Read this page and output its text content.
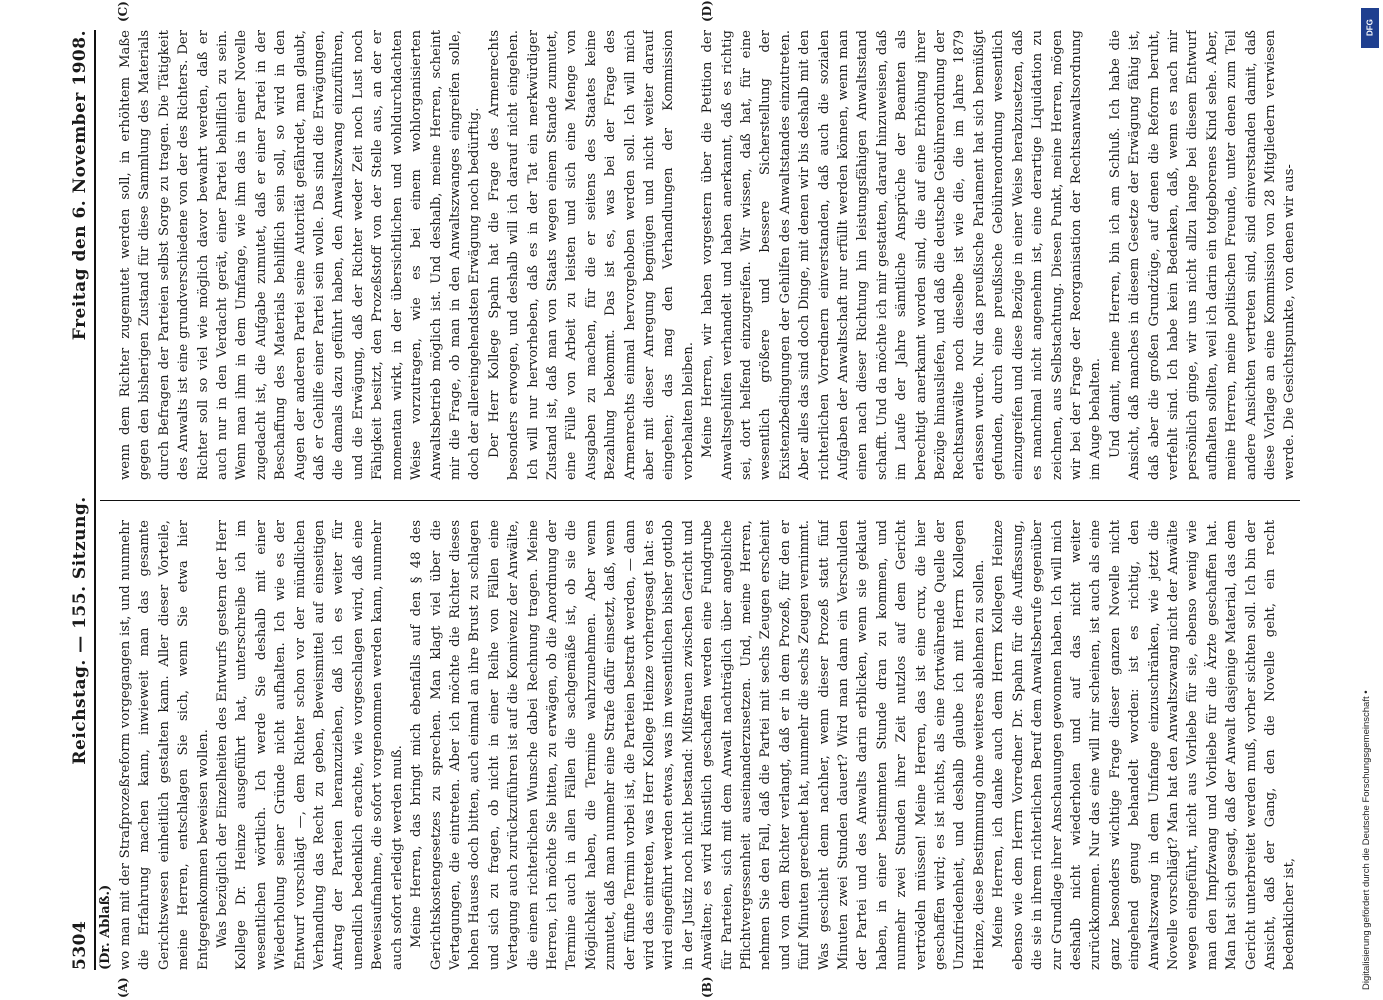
5304
Reichstag. — 155. Sitzung.
Freitag den 6. November 1908.
(Dr. Ablaß.)
(A)	(B)
(C)	(D)

wo man mit der Strafprozeßreform vorgegangen ist, und nunmehr die Erfahrung machen kann, inwieweit man das gesamte Gerichtswesen einheitlich gestalten kann. Aller dieser Vorteile, meine Herren, entschlagen Sie sich, wenn Sie etwa hier Entgegenkommen beweisen wollen. Was bezüglich der Einzelheiten des Entwurfs gestern der Herr Kollege Dr. Heinze ausgeführt hat, unterschreibe ich im wesentlichen wörtlich. Ich werde Sie deshalb mit einer Wiederholung seiner Gründe nicht aufhalten. Ich wie es der Entwurf vorschlägt —, dem Richter schon vor der mündlichen Verhandlung das Recht zu geben, Beweismittel auf einseitigen Antrag der Parteien heranzuziehen, daß ich es weiter für unendlich bedenklich erachte, wie vorgeschlagen wird, daß eine Beweisaufnahme, die sofort vorgenommen werden kann, nunmehr auch sofort erledigt werden muß. Meine Herren, das bringt mich ebenfalls auf den § 48 des Gerichtskostengesetzes zu sprechen. Man klagt viel über die Vertagungen, die eintreten. Aber ich möchte die Richter dieses hohen Hauses doch bitten, auch einmal an ihre Brust zu schlagen und sich zu fragen, ob nicht in einer Reihe von Fällen eine Vertagung auch zurückzuführen ist auf die Konnivenz der Anwälte, die einem richterlichen Wunsche dabei Rechnung tragen. Meine Herren, ich möchte Sie bitten, zu erwägen, ob die Anordnung der Termine auch in allen Fällen die sachgemäße ist, ob sie die Möglichkeit haben, die Termine wahrzunehmen. Aber wenn zumutet, daß man nunmehr eine Strafe dafür einsetzt, daß, wenn der fünfte Termin vorbei ist, die Parteien bestraft werden, — dann wird das eintreten, was Herr Kollege Heinze vorhergesagt hat: es wird eingeführt werden etwas, was im wesentlichen bisher gottlob in der Justiz noch nicht bestand: Mißtrauen zwischen Gericht und Anwälten; es wird künstlich geschaffen werden eine Fundgrube für Parteien, sich mit dem Anwalt nachträglich über angebliche Pflichtvergessenheit auseinanderzusetzen. Und, meine Herren, nehmen Sie den Fall, daß die Partei mit sechs Zeugen erscheint und von dem Richter verlangt, daß er in dem Prozeß, für den er fünf Minuten gerechnet hat, nunmehr die sechs Zeugen vernimmt. Was geschieht denn nachher, wenn dieser Prozeß statt fünf Minuten zwei Stunden dauert? Wird man dann ein Verschulden der Partei und des Anwalts darin erblicken, wenn sie geklaut haben, in einer bestimmten Stunde dran zu kommen, und nunmehr zwei Stunden ihrer Zeit nutzlos auf dem Gericht vertrödeln müssen! Meine Herren, das ist eine crux, die hier geschaffen wird; es ist nichts, als eine fortwährende Quelle der Unzufriedenheit, und deshalb glaube ich mit Herrn Kollegen Heinze, diese Bestimmung ohne weiteres ablehnen zu sollen. Meine Herren, ich danke auch dem Herrn Kollegen Heinze ebenso wie dem Herrn Vorredner Dr. Spahn für die Auffassung, die sie in ihrem richterlichen Beruf dem Anwaltsberufe gegenüber zur Grundlage ihrer Anschauungen gewonnen haben. Ich will mich deshalb nicht wiederholen und auf das nicht weiter zurückkommen. Nur das eine will mir scheinen, ist auch als eine ganz besonders wichtige Frage dieser ganzen Novelle nicht eingehend genug behandelt worden: ist es richtig, den Anwaltszwang in dem Umfange einzuschränken, wie jetzt die Novelle vorschlägt? Man hat den Anwaltszwang nicht der Anwälte wegen eingeführt, nicht aus Vorliebe für sie, ebenso wenig wie man den Impfzwang und Vorliebe für die Ärzte geschaffen hat. Man hat sich gesagt, daß der Anwalt dasjenige Material, das dem Gericht unterbreitet werden muß, vorher sichten soll. Ich bin der Ansicht, daß der Gang, den die Novelle geht, ein recht bedenklicher ist,

wenn dem Richter zugemutet werden soll, in erhöhtem Maße gegen den bisherigen Zustand für diese Sammlung des Materials durch Befragen der Parteien selbst Sorge zu tragen. Die Tätigkeit des Anwalts ist eine grundverschiedene von der des Richters. Der Richter soll so viel wie möglich davor bewahrt werden, daß er auch nur in den Verdacht gerät, einer Partei behilflich zu sein. Wenn man ihm in dem Umfange, wie ihm das in einer Novelle zugedacht ist, die Aufgabe zumutet, daß er einer Partei in der Beschaffung des Materials behilflich sein soll, so wird in den Augen der anderen Partei seine Autorität gefährdet, man glaubt, daß er Gehilfe einer Partei sein wolle. Das sind die Erwägungen, die damals dazu geführt haben, den Anwaltszwang einzuführen, und die Erwägung, daß der Richter weder Zeit noch Lust noch Fähigkeit besitzt, den Prozeßstoff von der Stelle aus, an der er momentan wirkt, in der übersichtlichen und wohldurchdachten Weise vorzutragen, wie es bei einem wohlorganisierten Anwaltsbetrieb möglich ist. Und deshalb, meine Herren, scheint mir die Frage, ob man in den Anwaltszwanges eingreifen solle, doch der allereingehendsten Erwägung noch bedürftig. Der Herr Kollege Spahn hat die Frage des Armenrechts besonders erwogen, und deshalb will ich darauf nicht eingehen. Ich will nur hervorheben, daß es in der Tat ein merkwürdiger Zustand ist, daß man von Staats wegen einem Stande zumutet, eine Fülle von Arbeit zu leisten und sich eine Menge von Ausgaben zu machen, für die er seitens des Staates keine Bezahlung bekommt. Das ist es, was bei der Frage des Armenrechts einmal hervorgehoben werden soll. Ich will mich aber mit dieser Anregung begnügen und nicht weiter darauf eingehen; das mag den Verhandlungen der Kommission vorbehalten bleiben. Meine Herren, wir haben vorgestern über die Petition der Anwaltsgehilfen verhandelt und haben anerkannt, daß es richtig sei, dort helfend einzugreifen. Wir wissen, daß hat, für eine wesentlich größere und bessere Sicherstellung der Existenzbedingungen der Gehilfen des Anwaltstandes einzutreten. Aber alles das sind doch Dinge, mit denen wir bis deshalb mit den richterlichen Vorrednern einverstanden, daß auch die sozialen Aufgaben der Anwaltschaft nur erfüllt werden können, wenn man einen nach dieser Richtung hin leistungsfähigen Anwaltsstand schafft. Und da möchte ich mir gestatten, darauf hinzuweisen, daß im Laufe der Jahre sämtliche Ansprüche der Beamten als berechtigt anerkannt worden sind, die auf eine Erhöhung ihrer Bezüge hinausliefen, und daß die deutsche Gebührenordnung der Rechtsanwälte noch dieselbe ist wie die, die im Jahre 1879 erlassen wurde. Nur das preußische Parlament hat sich bemüßigt gefunden, durch eine preußische Gebührenordnung wesentlich einzugreifen und diese Bezüge in einer Weise herabzusetzen, daß es manchmal nicht angenehm ist, eine derartige Liquidation zu zeichnen, aus Selbstachtung. Diesen Punkt, meine Herren, mögen wir bei der Frage der Reorganisation der Rechtsanwaltsordnung im Auge behalten. Und damit, meine Herren, bin ich am Schluß. Ich habe die Ansicht, daß manches in diesem Gesetze der Erwägung fähig ist, daß aber die großen Grundzüge, auf denen die Reform beruht, verfehlt sind. Ich habe kein Bedenken, daß, wenn es nach mir persönlich ginge, wir uns nicht allzu lange bei diesem Entwurf aufhalten sollten, weil ich darin ein totgeborenes Kind sehe. Aber, meine Herren, meine politischen Freunde, unter denen zum Teil andere Ansichten vertreten sind, sind einverstanden damit, daß diese Vorlage an eine Kommission von 28 Mitgliedern verwiesen werde. Die Gesichtspunkte, von denen wir aus-

Digitalisierung gefördert durch die Deutsche Forschungsgemeinschaft •
DFG
